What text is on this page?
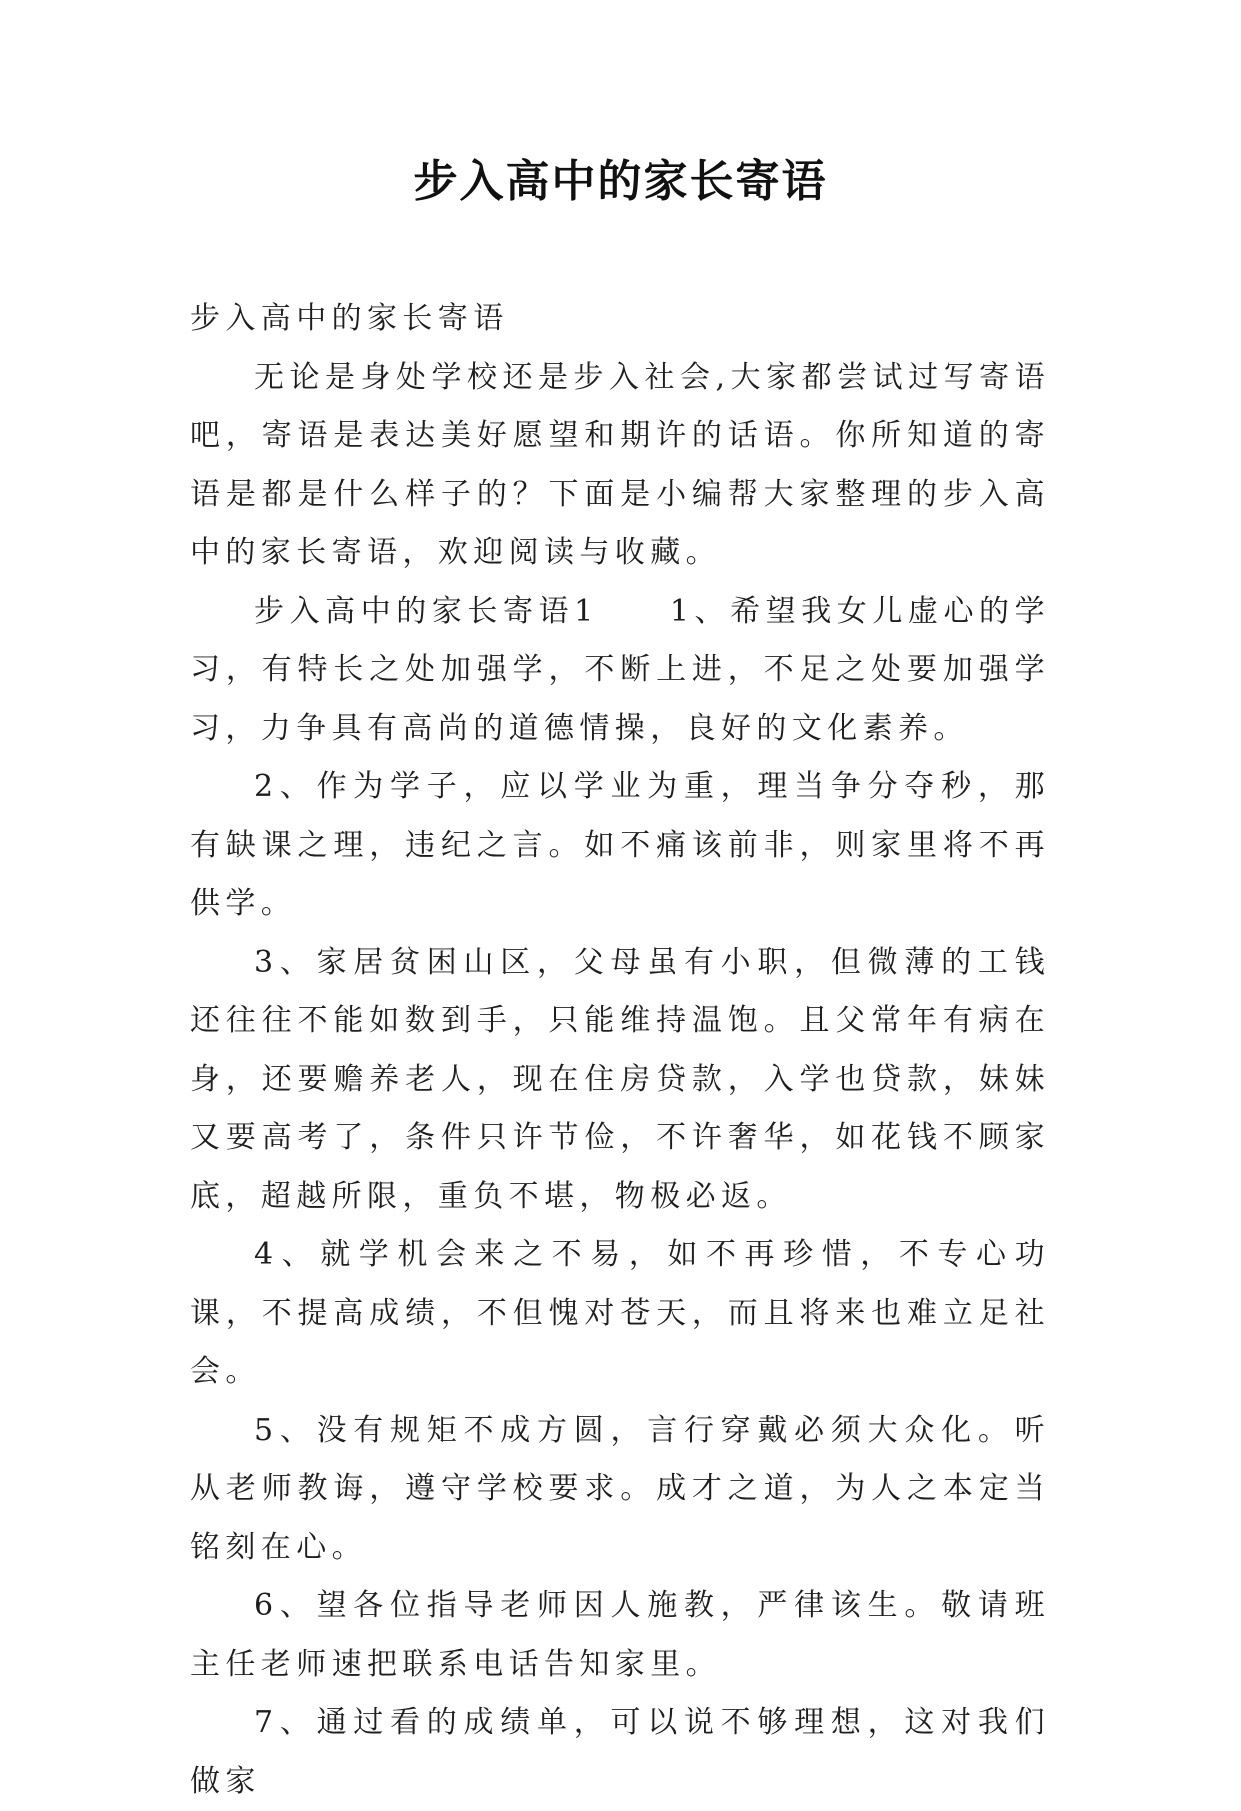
步入高中的家长寄语

步入高中的家长寄语

无论是身处学校还是步入社会,大家都尝试过写寄语吧，寄语是表达美好愿望和期许的话语。你所知道的寄语是都是什么样子的？下面是小编帮大家整理的步入高中的家长寄语，欢迎阅读与收藏。

步入高中的家长寄语1　　1、希望我女儿虚心的学习，有特长之处加强学，不断上进，不足之处要加强学习，力争具有高尚的道德情操，良好的文化素养。

2、作为学子，应以学业为重，理当争分夺秒，那有缺课之理，违纪之言。如不痛该前非，则家里将不再供学。

3、家居贫困山区，父母虽有小职，但微薄的工钱还往往不能如数到手，只能维持温饱。且父常年有病在身，还要赡养老人，现在住房贷款，入学也贷款，妹妹又要高考了，条件只许节俭，不许奢华，如花钱不顾家底，超越所限，重负不堪，物极必返。

4、就学机会来之不易，如不再珍惜，不专心功课，不提高成绩，不但愧对苍天，而且将来也难立足社会。

5、没有规矩不成方圆，言行穿戴必须大众化。听从老师教诲，遵守学校要求。成才之道，为人之本定当铭刻在心。

6、望各位指导老师因人施教，严律该生。敬请班主任老师速把联系电话告知家里。

7、通过看的成绩单，可以说不够理想，这对我们做家
